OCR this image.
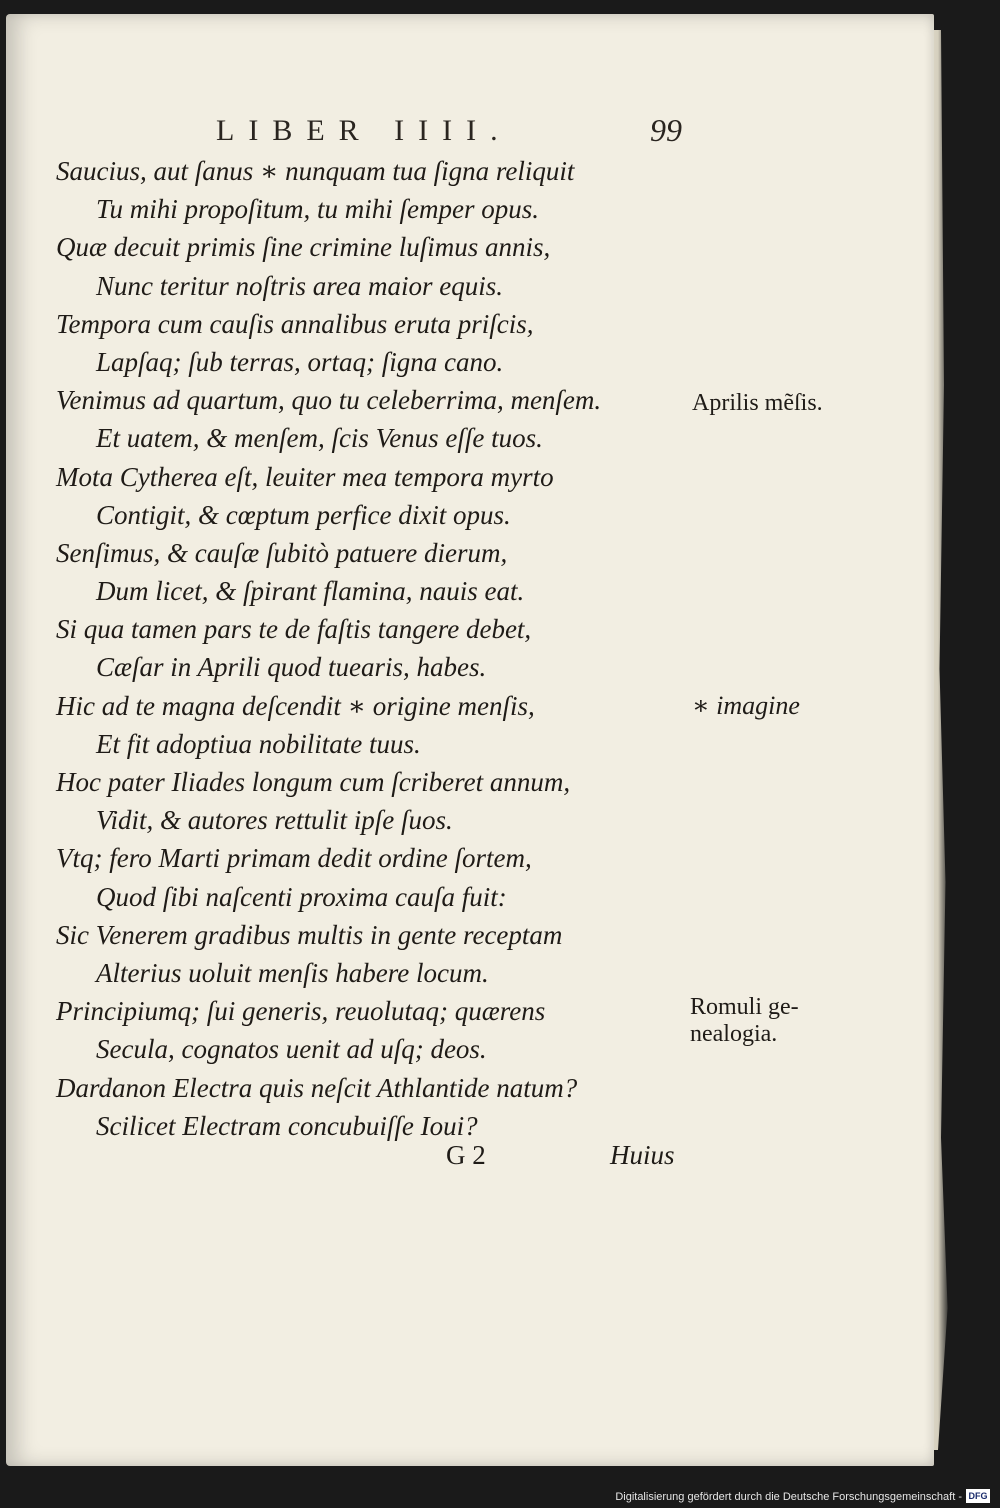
LIBER IIII.	99
Saucius, aut ſanus ∗ nunquam tua ſigna reliquit
Tu mihi propoſitum, tu mihi ſemper opus.
Quæ decuit primis ſine crimine luſimus annis,
Nunc teritur noſtris area maior equis.
Tempora cum cauſis annalibus eruta priſcis,
Lapſaq; ſub terras, ortaq; ſigna cano.
Venimus ad quartum, quo tu celeberrima, menſem.
Et uatem, & menſem, ſcis Venus eſſe tuos.
Mota Cytherea eſt, leuiter mea tempora myrto
Contigit, & cœptum perfice dixit opus.
Senſimus, & cauſæ ſubitò patuere dierum,
Dum licet, & ſpirant flamina, nauis eat.
Si qua tamen pars te de faſtis tangere debet,
Cæſar in Aprili quod tuearis, habes.
Hic ad te magna deſcendit ∗ origine menſis,
Et fit adoptiua nobilitate tuus.
Hoc pater Iliades longum cum ſcriberet annum,
Vidit, & autores rettulit ipſe ſuos.
Vtq; fero Marti primam dedit ordine ſortem,
Quod ſibi naſcenti proxima cauſa fuit:
Sic Venerem gradibus multis in gente receptam
Alterius uoluit menſis habere locum.
Principiumq; ſui generis, reuolutaq; quærens
Secula, cognatos uenit ad uſq; deos.
Dardanon Electra quis neſcit Athlantide natum?
Scilicet Electram concubuiſſe Ioui?
Aprilis mẽſis.
∗ imagine
Romuli ge-
nealogia.
G 2	Huius
Digitalisierung gefördert durch die Deutsche Forschungsgemeinschaft - DFG
